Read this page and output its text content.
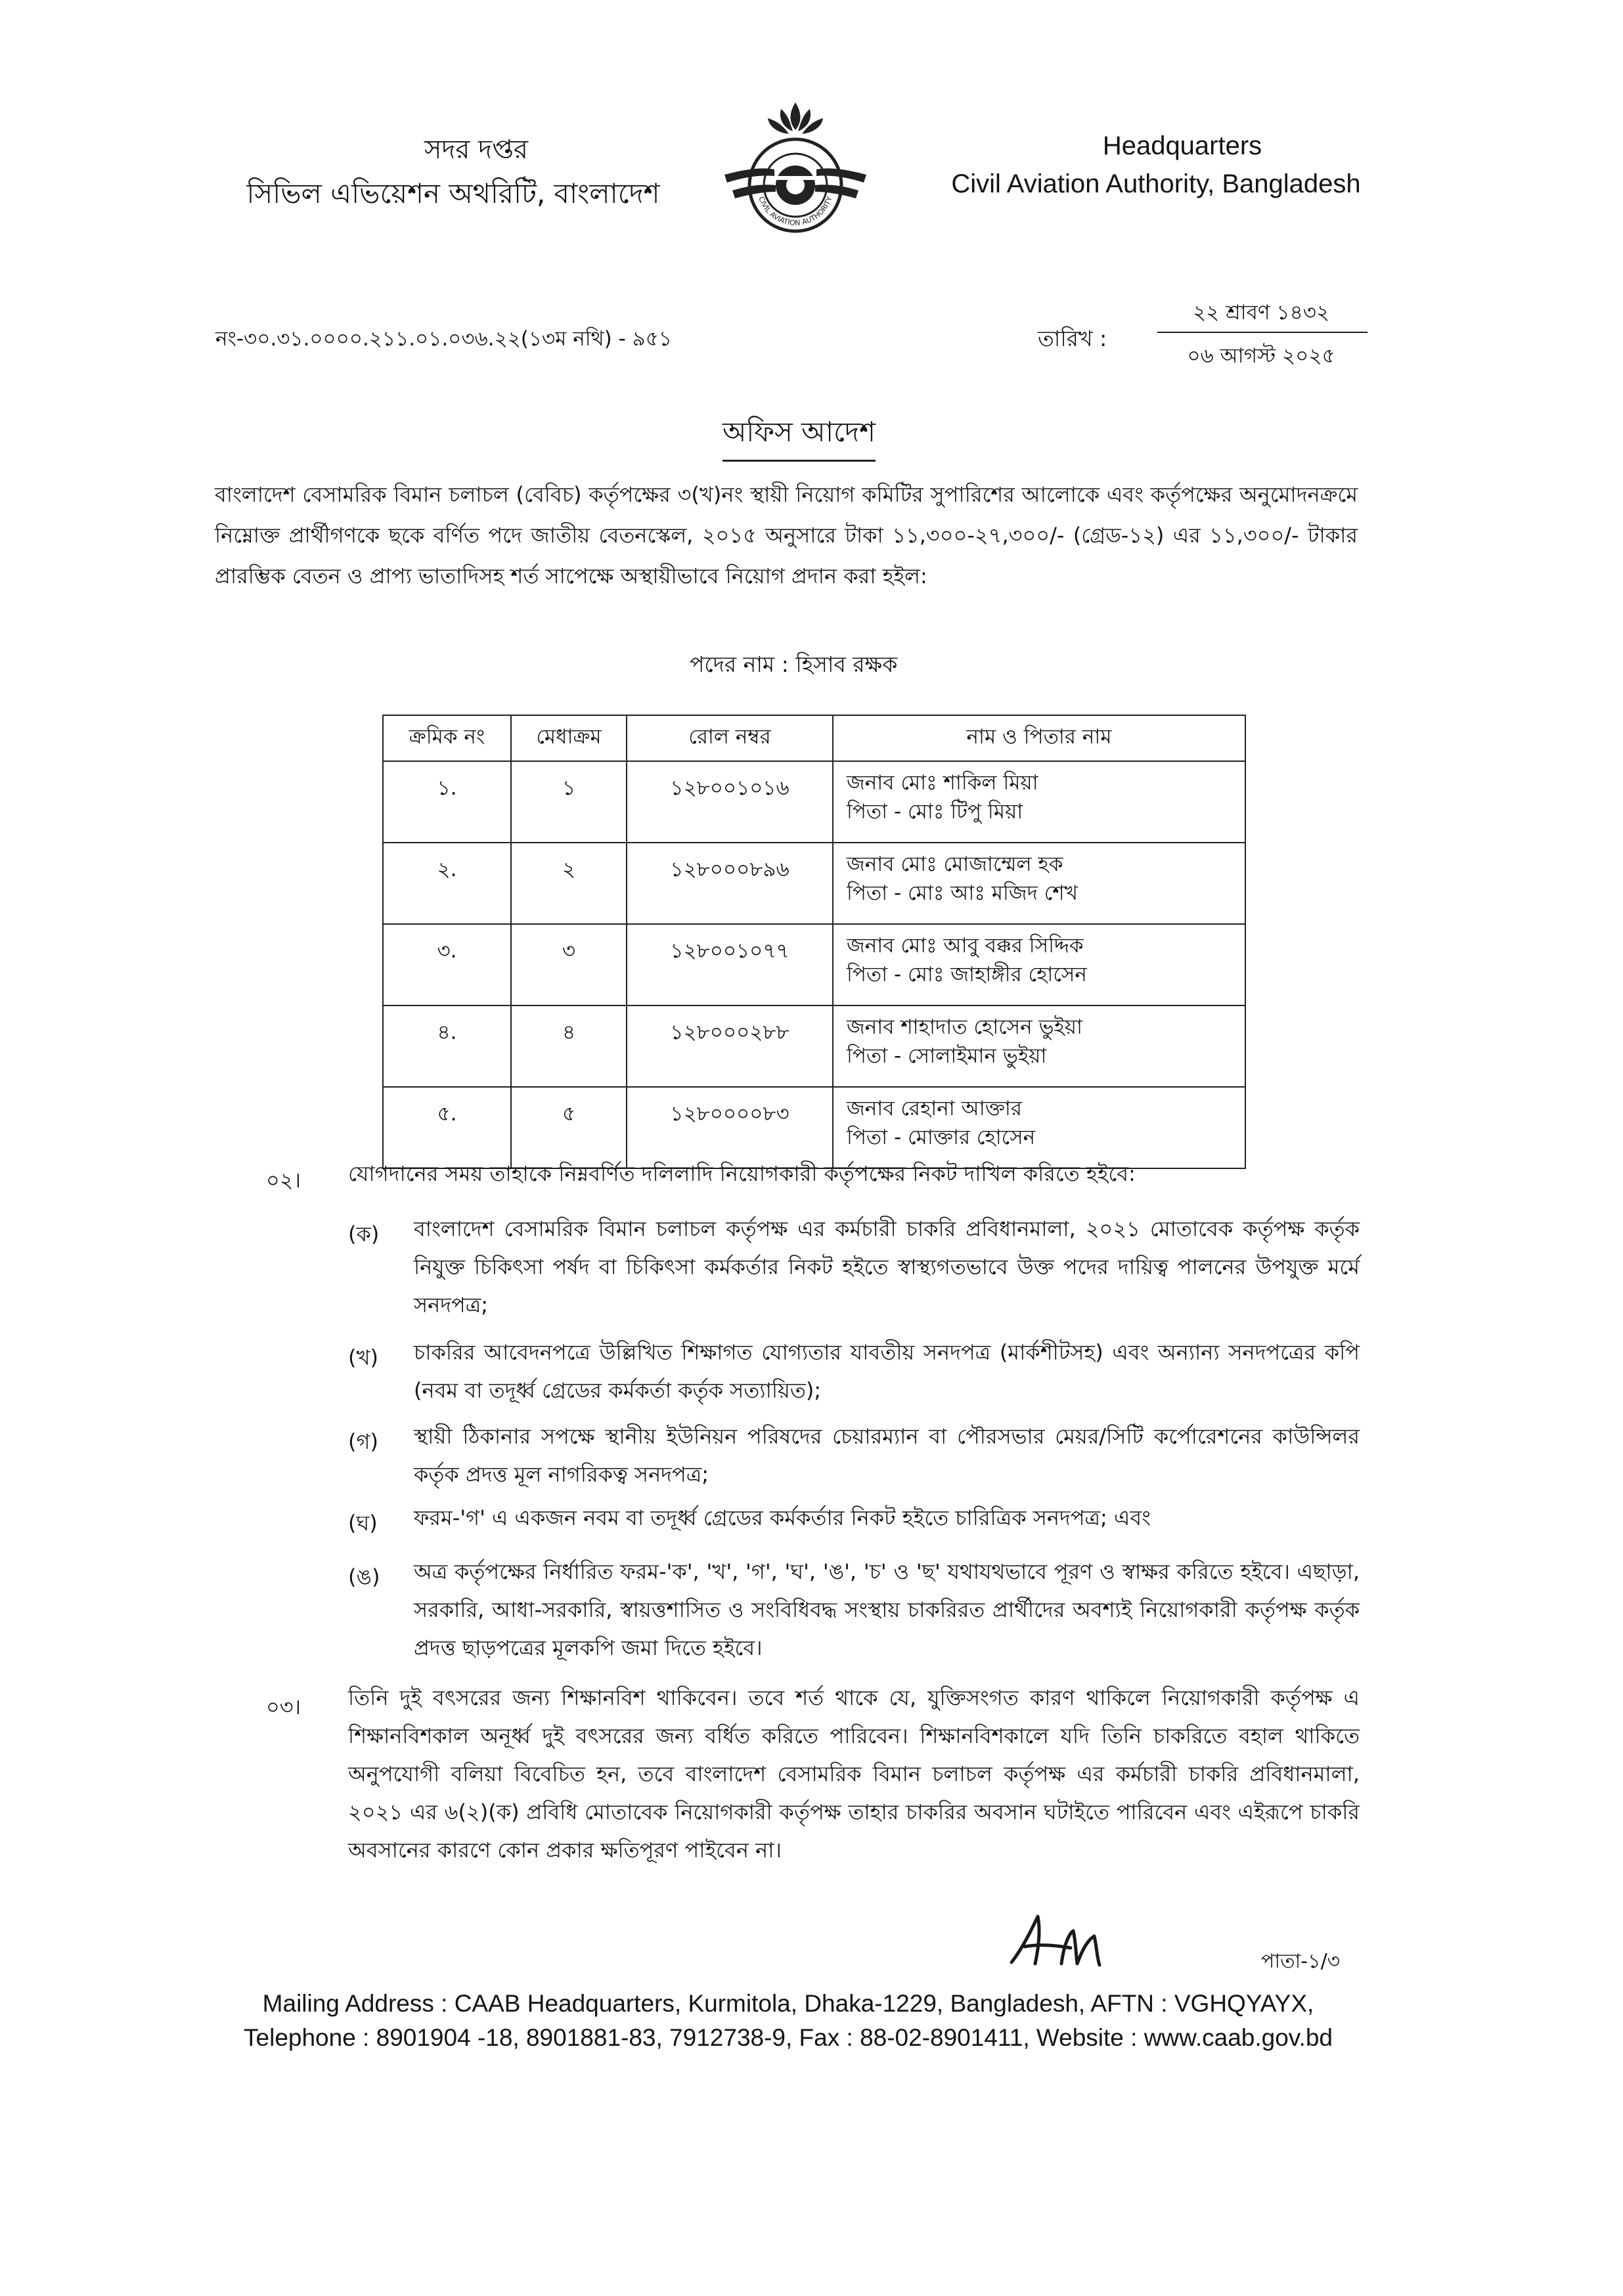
সদর দপ্তর
সিভিল এভিয়েশন অথরিটি, বাংলাদেশ	CIVIL AVIATION AUTHORITY
Headquarters
Civil Aviation Authority, Bangladesh
নং-৩০.৩১.০০০০.২১১.০১.০৩৬.২২(১৩ম নথি) - ৯৫১	তারিখ :
২২ শ্রাবণ ১৪৩২
০৬ আগস্ট ২০২৫
অফিস আদেশ
বাংলাদেশ বেসামরিক বিমান চলাচল (বেবিচ) কর্তৃপক্ষের ৩(খ)নং স্থায়ী নিয়োগ কমিটির সুপারিশের আলোকে এবং কর্তৃপক্ষের অনুমোদনক্রমে নিম্নোক্ত প্রার্থীগণকে ছকে বর্ণিত পদে জাতীয় বেতনস্কেল, ২০১৫ অনুসারে টাকা ১১,৩০০-২৭,৩০০/- (গ্রেড-১২) এর ১১,৩০০/- টাকার প্রারম্ভিক বেতন ও প্রাপ্য ভাতাদিসহ শর্ত সাপেক্ষে অস্থায়ীভাবে নিয়োগ প্রদান করা হইল:
পদের নাম : হিসাব রক্ষক
ক্রমিক নং	মেধাক্রম	রোল নম্বর	নাম ও পিতার নাম
১.	১	১২৮০০১০১৬	জনাব মোঃ শাকিল মিয়া
পিতা - মোঃ টিপু মিয়া

২.	২	১২৮০০০৮৯৬	জনাব মোঃ মোজাম্মেল হক
পিতা - মোঃ আঃ মজিদ শেখ

৩.	৩	১২৮০০১০৭৭	জনাব মোঃ আবু বক্কর সিদ্দিক
পিতা - মোঃ জাহাঙ্গীর হোসেন

৪.	৪	১২৮০০০২৮৮	জনাব শাহাদাত হোসেন ভুইয়া
পিতা - সোলাইমান ভুইয়া

৫.	৫	১২৮০০০০৮৩	জনাব রেহানা আক্তার
পিতা - মোক্তার হোসেন
০২। যোগদানের সময় তাহাকে নিম্নবর্ণিত দলিলাদি নিয়োগকারী কর্তৃপক্ষের নিকট দাখিল করিতে হইবে:
(ক) বাংলাদেশ বেসামরিক বিমান চলাচল কর্তৃপক্ষ এর কর্মচারী চাকরি প্রবিধানমালা, ২০২১ মোতাবেক কর্তৃপক্ষ কর্তৃক নিযুক্ত চিকিৎসা পর্ষদ বা চিকিৎসা কর্মকর্তার নিকট হইতে স্বাস্থ্যগতভাবে উক্ত পদের দায়িত্ব পালনের উপযুক্ত মর্মে সনদপত্র;
(খ) চাকরির আবেদনপত্রে উল্লিখিত শিক্ষাগত যোগ্যতার যাবতীয় সনদপত্র (মার্কশীটসহ) এবং অন্যান্য সনদপত্রের কপি (নবম বা তদূর্ধ্ব গ্রেডের কর্মকর্তা কর্তৃক সত্যায়িত);
(গ) স্থায়ী ঠিকানার সপক্ষে স্থানীয় ইউনিয়ন পরিষদের চেয়ারম্যান বা পৌরসভার মেয়র/সিটি কর্পোরেশনের কাউন্সিলর কর্তৃক প্রদত্ত মূল নাগরিকত্ব সনদপত্র;
(ঘ) ফরম-'গ' এ একজন নবম বা তদূর্ধ্ব গ্রেডের কর্মকর্তার নিকট হইতে চারিত্রিক সনদপত্র; এবং
(ঙ) অত্র কর্তৃপক্ষের নির্ধারিত ফরম-'ক', 'খ', 'গ', 'ঘ', 'ঙ', 'চ' ও 'ছ' যথাযথভাবে পূরণ ও স্বাক্ষর করিতে হইবে। এছাড়া, সরকারি, আধা-সরকারি, স্বায়ত্তশাসিত ও সংবিধিবদ্ধ সংস্থায় চাকরিরত প্রার্থীদের অবশ্যই নিয়োগকারী কর্তৃপক্ষ কর্তৃক প্রদত্ত ছাড়পত্রের মূলকপি জমা দিতে হইবে।
০৩। তিনি দুই বৎসরের জন্য শিক্ষানবিশ থাকিবেন। তবে শর্ত থাকে যে, যুক্তিসংগত কারণ থাকিলে নিয়োগকারী কর্তৃপক্ষ এ শিক্ষানবিশকাল অনূর্ধ্ব দুই বৎসরের জন্য বর্ধিত করিতে পারিবেন। শিক্ষানবিশকালে যদি তিনি চাকরিতে বহাল থাকিতে অনুপযোগী বলিয়া বিবেচিত হন, তবে বাংলাদেশ বেসামরিক বিমান চলাচল কর্তৃপক্ষ এর কর্মচারী চাকরি প্রবিধানমালা, ২০২১ এর ৬(২)(ক) প্রবিধি মোতাবেক নিয়োগকারী কর্তৃপক্ষ তাহার চাকরির অবসান ঘটাইতে পারিবেন এবং এইরূপে চাকরি অবসানের কারণে কোন প্রকার ক্ষতিপূরণ পাইবেন না।
পাতা-১/৩
Mailing Address : CAAB Headquarters, Kurmitola, Dhaka-1229, Bangladesh, AFTN : VGHQYAYX,
Telephone : 8901904 -18, 8901881-83, 7912738-9, Fax : 88-02-8901411, Website : www.caab.gov.bd
